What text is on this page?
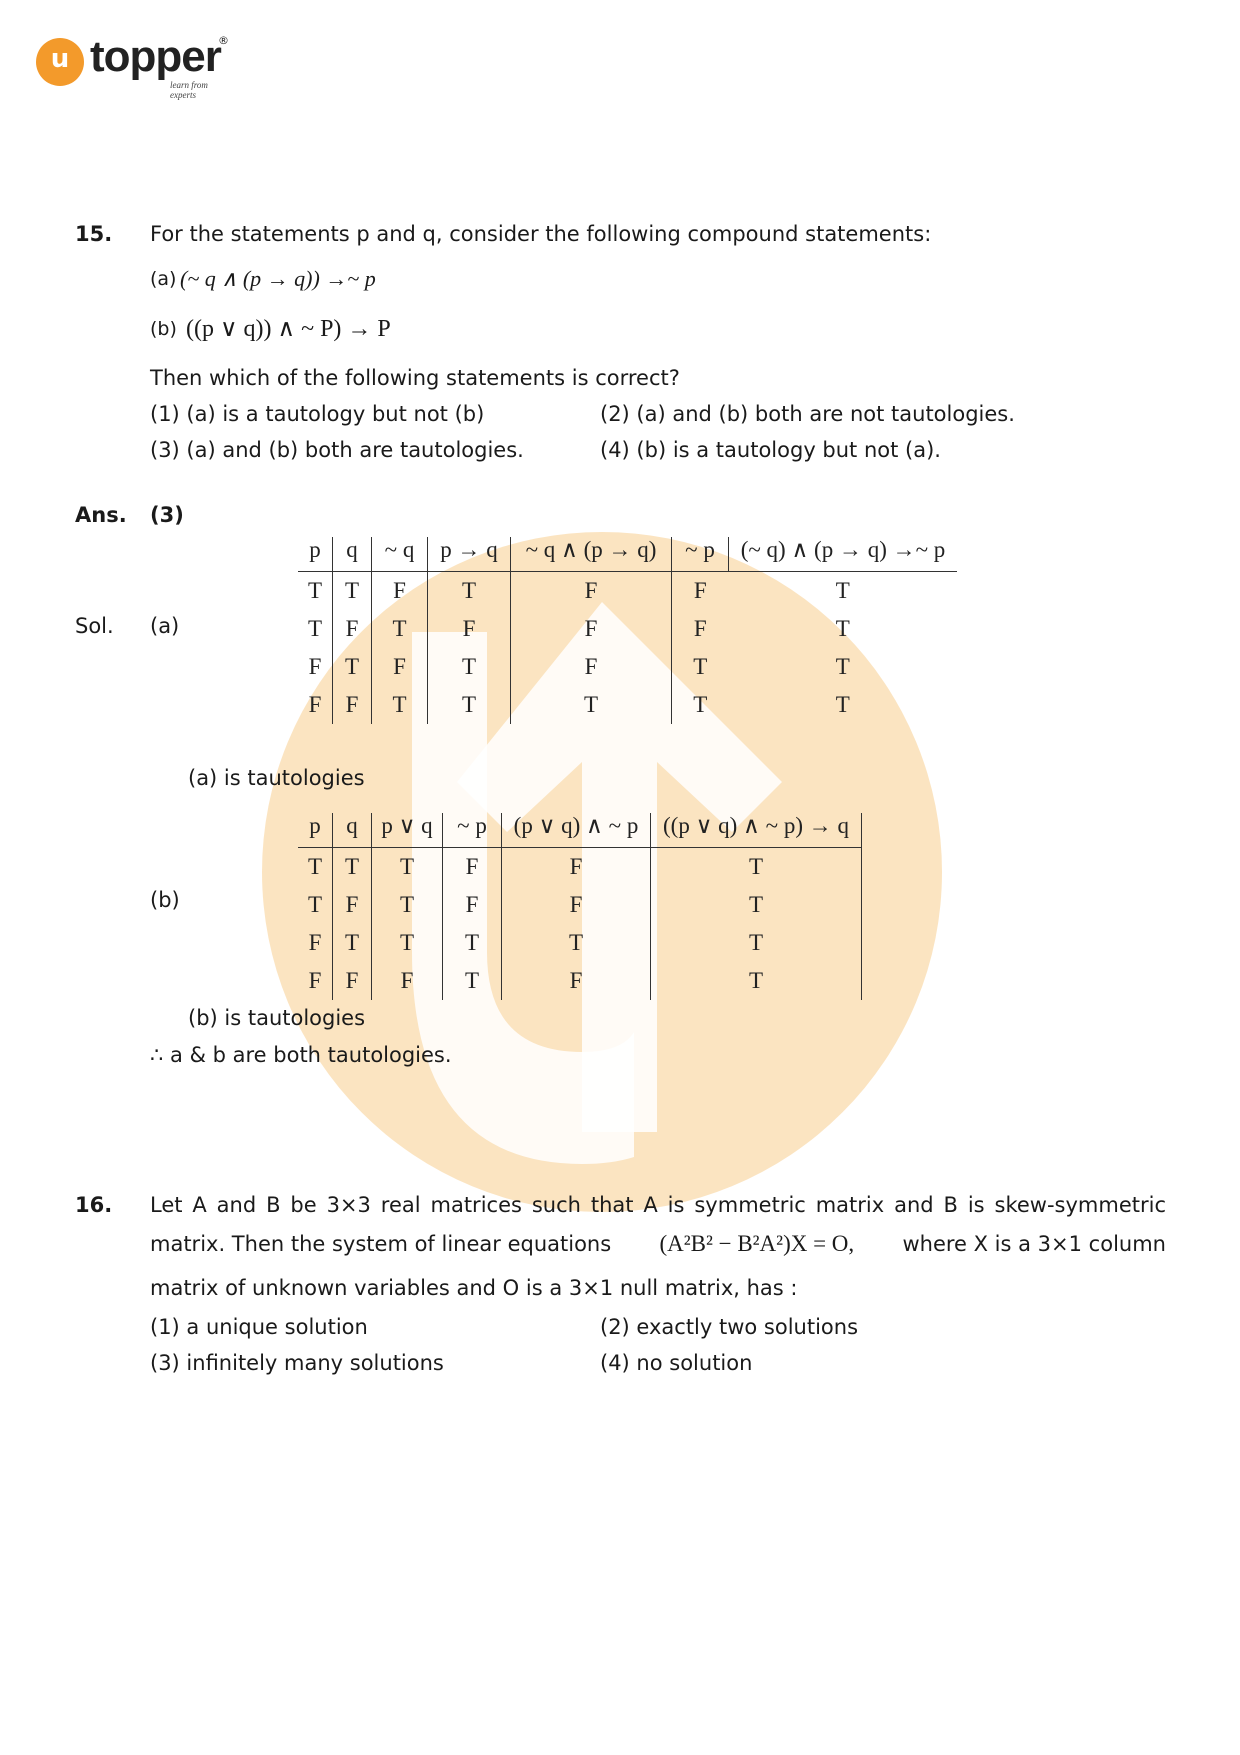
u topper
®
learn from experts
15. For the statements p and q, consider the following compound statements:
(a) (~ q ∧ (p → q)) →~ p
(b) ((p ∨ q)) ∧ ~ P) → P
Then which of the following statements is correct?
(1) (a) is a tautology but not (b)	(2) (a) and (b) both are not tautologies.
(3) (a) and (b) both are tautologies.	(4) (b) is a tautology but not (a).
Ans. (3)
Sol. (a)
p	q	~ q	p → q	~ q ∧ (p → q)	~ p	(~ q) ∧ (p → q) →~ p
T	T	F	T	F	F	T
T	F	T	F	F	F	T
F	T	F	T	F	T	T
F	F	T	T	T	T	T
(a) is tautologies
(b)
p	q	p ∨ q	~ p	(p ∨ q) ∧ ~ p	((p ∨ q) ∧ ~ p) → q
T	T	T	F	F	T
T	F	T	F	F	T
F	T	T	T	T	T
F	F	F	T	F	T
(b) is tautologies
∴ a & b are both tautologies.
16. Let A and B be 3×3 real matrices such that A is symmetric matrix and B is skew-symmetric
matrix. Then the system of linear equations (A²B² − B²A²)X = O, where X is a 3×1 column
matrix of unknown variables and O is a 3×1 null matrix, has :
(1) a unique solution	(2) exactly two solutions
(3) infinitely many solutions	(4) no solution
